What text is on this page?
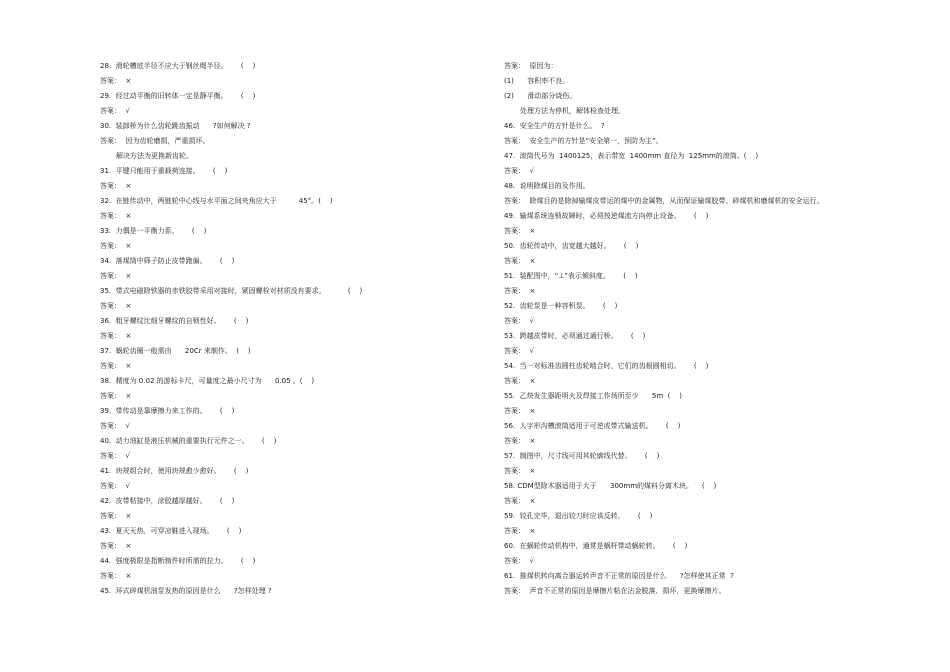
28.  滑轮槽底半径不应大于钢丝绳半径。      (    )
答案：  ×
29.  经过动平衡的旧转体一定是静平衡。      (    )
答案：  √
30.  装卸桥为什么齿轮跳齿振动      ?如何解决 ?
答案：  因为齿轮磨损，严重损坏。
解决方法为更换新齿轮。
31.  平键只能用于重载荷连接。      (    )
答案：  ×
32.  在链传动中，两链轮中心线与水平面之间夹角应大于          45°。(    )
答案：  ×
33.  力偶是一平衡力系。      (    )
答案：  ×
34.  落煤筒中筛子防止皮带跑偏。      (    )
答案：  ×
35.  带式电磁除铁器的赤铁胶带采用对接时，紧固螺栓对材质没有要求。          (    )
答案：  ×
36.  粗牙螺纹比细牙螺纹的自锁性好。      (    )
答案：  ×
37.  蜗轮齿圈一般需由      20Cr 来制作。  (    )
答案：  ×
38.  精度为 0.02 的游标卡尺，可量度之最小尺寸为      0.05 。(    )
答案：  ×
39.  带传动是靠摩擦力来工作的。      (    )
答案：  √
40.  动力油缸是液压机械的重要执行元件之一。      (    )
答案：  √
41.  块规组合时，使用块规愈少愈好。      (    )
答案：  √
42.  皮带粘接中，涂胶越厚越好。      (    )
答案：  ×
43.  夏天天热，可穿凉鞋进入现场。      (    )
答案：  ×
44.  强度极限是指断制件时所需的拉力。      (    )
答案：  ×
45.  环式碎煤机油泵发热的原因是什么      ?怎样处理 ?
答案：  原因为：
(1)      容积率不良。
(2)      滑动部分烧伤。
处理方法为停机，解体检查处理。
46.  安全生产的方针是什么。  ?
答案：  安全生产的方针是“安全第一，预防为主”。
47.  滚筒代号为  1400125，表示带宽  1400mm 直径为  125mm的滚筒。(    )
答案：  √
48.  说明除煤目的及作用。
答案：  除煤目的是除掉输煤皮带运的煤中的金属物，从而保证输煤胶带、碎煤机和磨煤机的安全运行。
49.  输煤系统连锁故障时，必须按逆煤流方向停止设备。      (    )
答案：  ×
50.  齿轮传动中，齿宽越大越好。      (    )
答案：  ×
51.  装配图中，“⊥”表示倾斜度。      (    )
答案：  ×
52.  齿轮泵是一种容积泵。      (    )
答案：  √
53.  跨越皮带时，必须通过通行桥。      (    )
答案：  √
54.  当一对标准齿圆柱齿轮啮合时，它们的齿根圆相切。      (    )
答案：  ×
55.  乙炔发生器距明火及焊接工作场所至少      5m  (    )
答案：  ×
56.  人字形沟槽滚筒适用于可逆或带式输送机。      (    )
答案：  ×
57.  制图中，尺寸线可用其轮廓线代替。      (    )
答案：  ×
58. CDM型除木器适用于大于      300mm的煤料分离木块。    (    )
答案：  ×
59.  铰孔完毕，退出铰刀时应该反转。      (    )
答案：  ×
60.  在蜗轮传动机构中，通常是蜗杆带动蜗轮转。      (    )
答案：  √
61.  推煤机转向离合器运转声音不正常的原因是什么      ?怎样使其正常  ?
答案：  声音不正常的原因是摩擦片粘在沾金脱落、损坏，更换摩擦片。
